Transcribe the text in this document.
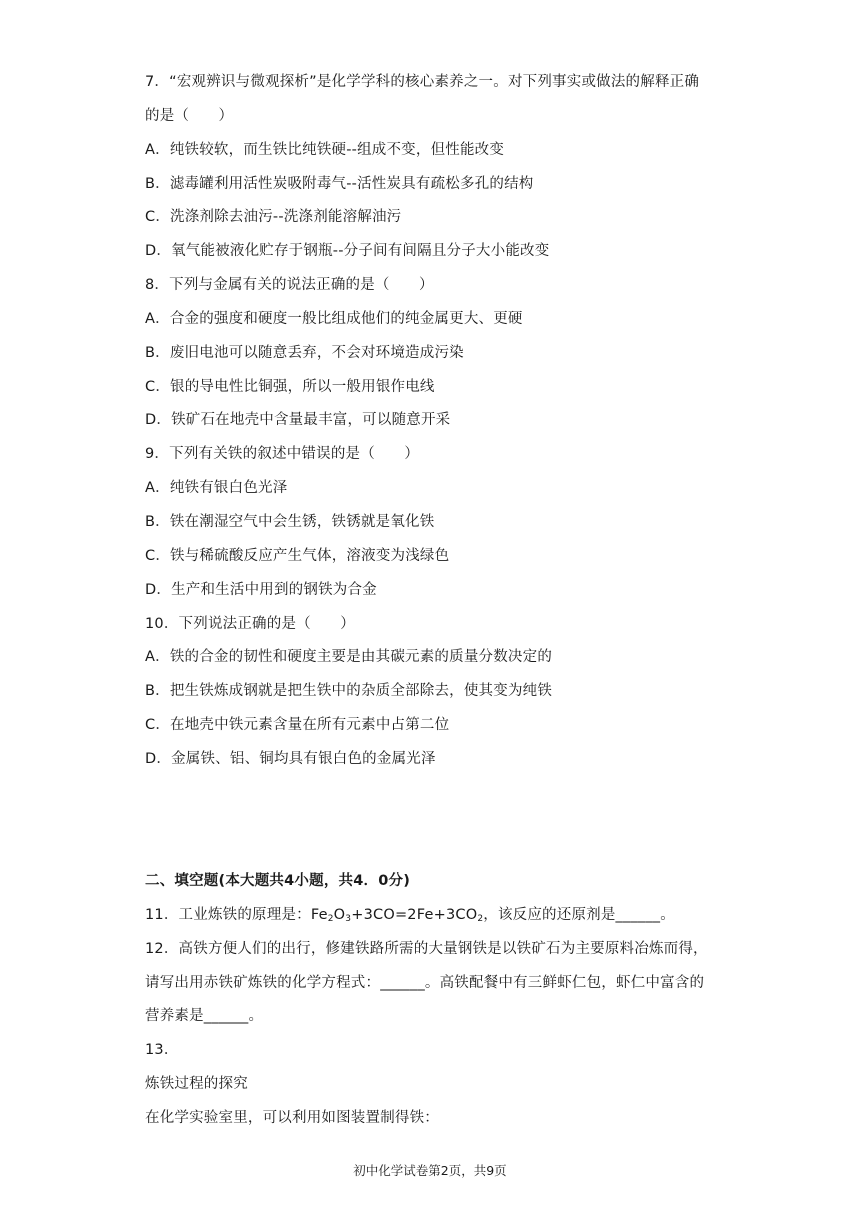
7．“宏观辨识与微观探析”是化学学科的核心素养之一。对下列事实或做法的解释正确
的是（　　）
A．纯铁较软，而生铁比纯铁硬--组成不变，但性能改变
B．滤毒罐利用活性炭吸附毒气--活性炭具有疏松多孔的结构
C．洗涤剂除去油污--洗涤剂能溶解油污
D．氧气能被液化贮存于钢瓶--分子间有间隔且分子大小能改变
8．下列与金属有关的说法正确的是（　　）
A．合金的强度和硬度一般比组成他们的纯金属更大、更硬
B．废旧电池可以随意丢弃，不会对环境造成污染
C．银的导电性比铜强，所以一般用银作电线
D．铁矿石在地壳中含量最丰富，可以随意开采
9．下列有关铁的叙述中错误的是（　　）
A．纯铁有银白色光泽
B．铁在潮湿空气中会生锈，铁锈就是氧化铁
C．铁与稀硫酸反应产生气体，溶液变为浅绿色
D．生产和生活中用到的钢铁为合金
10．下列说法正确的是（　　）
A．铁的合金的韧性和硬度主要是由其碳元素的质量分数决定的
B．把生铁炼成钢就是把生铁中的杂质全部除去，使其变为纯铁
C．在地壳中铁元素含量在所有元素中占第二位
D．金属铁、铝、铜均具有银白色的金属光泽
二、填空题(本大题共4小题，共4．0分)
11．工业炼铁的原理是：$Fe_2O_3+3CO=2Fe+3CO_2$，该反应的还原剂是______。
12．高铁方便人们的出行，修建铁路所需的大量钢铁是以铁矿石为主要原料冶炼而得，
请写出用赤铁矿炼铁的化学方程式：______。高铁配餐中有三鲜虾仁包，虾仁中富含的
营养素是______。
13．
炼铁过程的探究
在化学实验室里，可以利用如图装置制得铁：
初中化学试卷第2页，共9页
